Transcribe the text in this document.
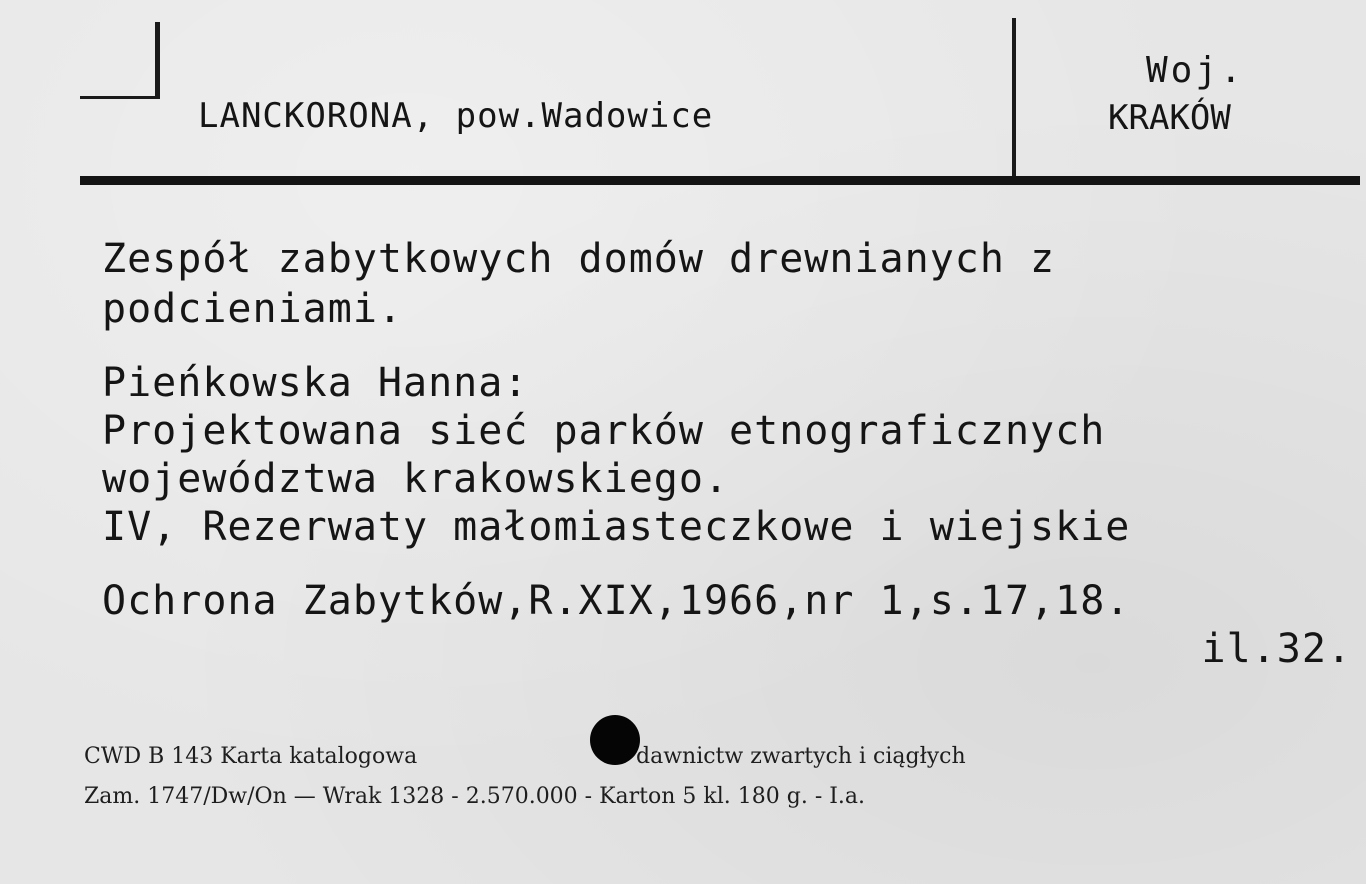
LANCKORONA, pow.Wadowice
Woj.
KRAKÓW
Zespół zabytkowych domów drewnianych z
podcieniami.
Pieńkowska Hanna:
Projektowana sieć parków etnograficznych
województwa krakowskiego.
IV, Rezerwaty małomiasteczkowe i wiejskie
Ochrona Zabytków,R.XIX,1966,nr 1,s.17,18.
il.32.
CWD B 143 Karta katalogowa	dawnictw zwartych i ciągłych
Zam. 1747/Dw/On — Wrak 1328 - 2.570.000 - Karton 5 kl. 180 g. - I.a.
